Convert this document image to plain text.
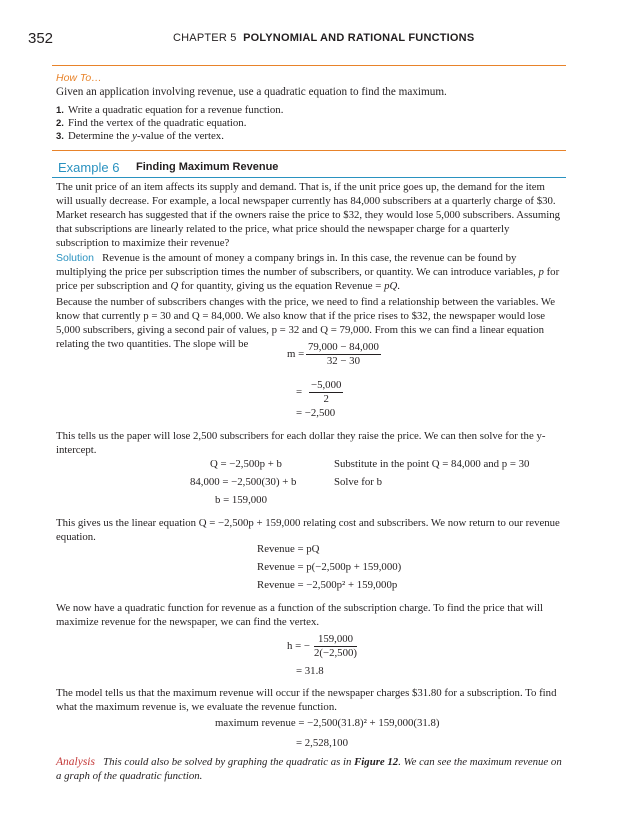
352	CHAPTER 5 POLYNOMIAL AND RATIONAL FUNCTIONS
How To…
Given an application involving revenue, use a quadratic equation to find the maximum.
1. Write a quadratic equation for a revenue function.
2. Find the vertex of the quadratic equation.
3. Determine the y-value of the vertex.
Example 6 Finding Maximum Revenue
The unit price of an item affects its supply and demand. That is, if the unit price goes up, the demand for the item will usually decrease. For example, a local newspaper currently has 84,000 subscribers at a quarterly charge of $30. Market research has suggested that if the owners raise the price to $32, they would lose 5,000 subscribers. Assuming that subscriptions are linearly related to the price, what price should the newspaper charge for a quarterly subscription to maximize their revenue?
Solution Revenue is the amount of money a company brings in. In this case, the revenue can be found by multiplying the price per subscription times the number of subscribers, or quantity. We can introduce variables, p for price per subscription and Q for quantity, giving us the equation Revenue = pQ.
Because the number of subscribers changes with the price, we need to find a relationship between the variables. We know that currently p = 30 and Q = 84,000. We also know that if the price rises to $32, the newspaper would lose 5,000 subscribers, giving a second pair of values, p = 32 and Q = 79,000. From this we can find a linear equation relating the two quantities. The slope will be
$m = \frac{79,000 - 84,000}{32 - 30}$
= $\frac{-5,000}{2}$
= −2,500
This tells us the paper will lose 2,500 subscribers for each dollar they raise the price. We can then solve for the y-intercept.
Q = −2,500p + b	Substitute in the point Q = 84,000 and p = 30
84,000 = −2,500(30) + b	Solve for b
b = 159,000
This gives us the linear equation Q = −2,500p + 159,000 relating cost and subscribers. We now return to our revenue equation.
Revenue = pQ
Revenue = p(−2,500p + 159,000)
Revenue = −2,500p² + 159,000p
We now have a quadratic function for revenue as a function of the subscription charge. To find the price that will maximize revenue for the newspaper, we can find the vertex.
h = − $\frac{159,000}{2(-2,500)}$
= 31.8
The model tells us that the maximum revenue will occur if the newspaper charges $31.80 for a subscription. To find what the maximum revenue is, we evaluate the revenue function.
maximum revenue = −2,500(31.8)² + 159,000(31.8)
= 2,528,100
Analysis This could also be solved by graphing the quadratic as in Figure 12. We can see the maximum revenue on a graph of the quadratic function.
